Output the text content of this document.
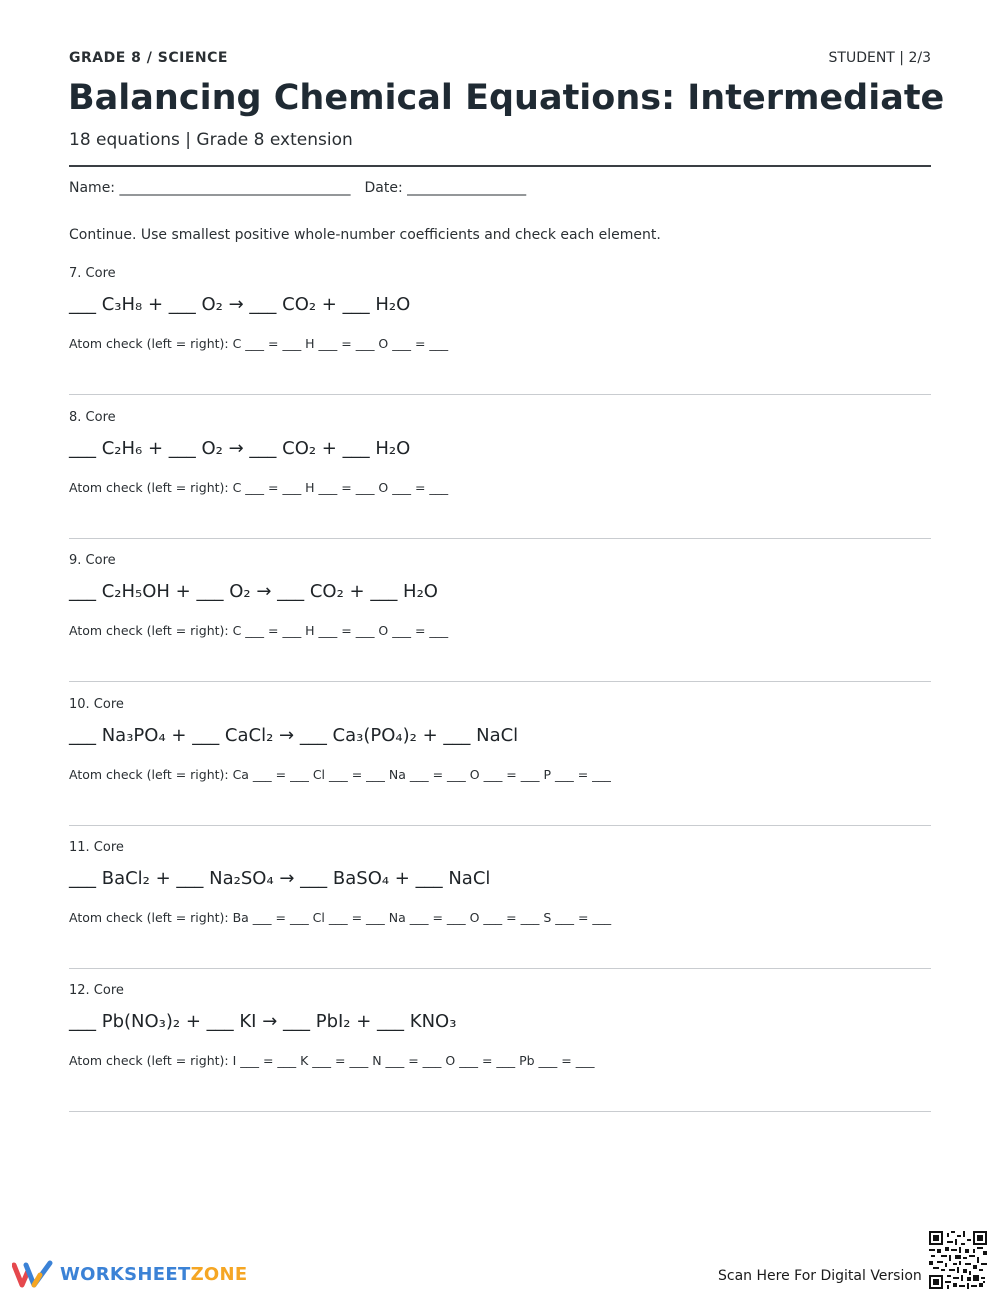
GRADE 8 / SCIENCE	STUDENT | 2/3
Balancing Chemical Equations: Intermediate
18 equations | Grade 8 extension
Name: _________________________________ Date: _________________
Continue. Use smallest positive whole-number coefficients and check each element.
7. Core
___ C₃H₈ + ___ O₂ → ___ CO₂ + ___ H₂O
Atom check (left = right): C ___ = ___ H ___ = ___ O ___ = ___
8. Core
___ C₂H₆ + ___ O₂ → ___ CO₂ + ___ H₂O
Atom check (left = right): C ___ = ___ H ___ = ___ O ___ = ___
9. Core
___ C₂H₅OH + ___ O₂ → ___ CO₂ + ___ H₂O
Atom check (left = right): C ___ = ___ H ___ = ___ O ___ = ___
10. Core
___ Na₃PO₄ + ___ CaCl₂ → ___ Ca₃(PO₄)₂ + ___ NaCl
Atom check (left = right): Ca ___ = ___ Cl ___ = ___ Na ___ = ___ O ___ = ___ P ___ = ___
11. Core
___ BaCl₂ + ___ Na₂SO₄ → ___ BaSO₄ + ___ NaCl
Atom check (left = right): Ba ___ = ___ Cl ___ = ___ Na ___ = ___ O ___ = ___ S ___ = ___
12. Core
___ Pb(NO₃)₂ + ___ KI → ___ PbI₂ + ___ KNO₃
Atom check (left = right): I ___ = ___ K ___ = ___ N ___ = ___ O ___ = ___ Pb ___ = ___
WORKSHEETZONE	Scan Here For Digital Version
